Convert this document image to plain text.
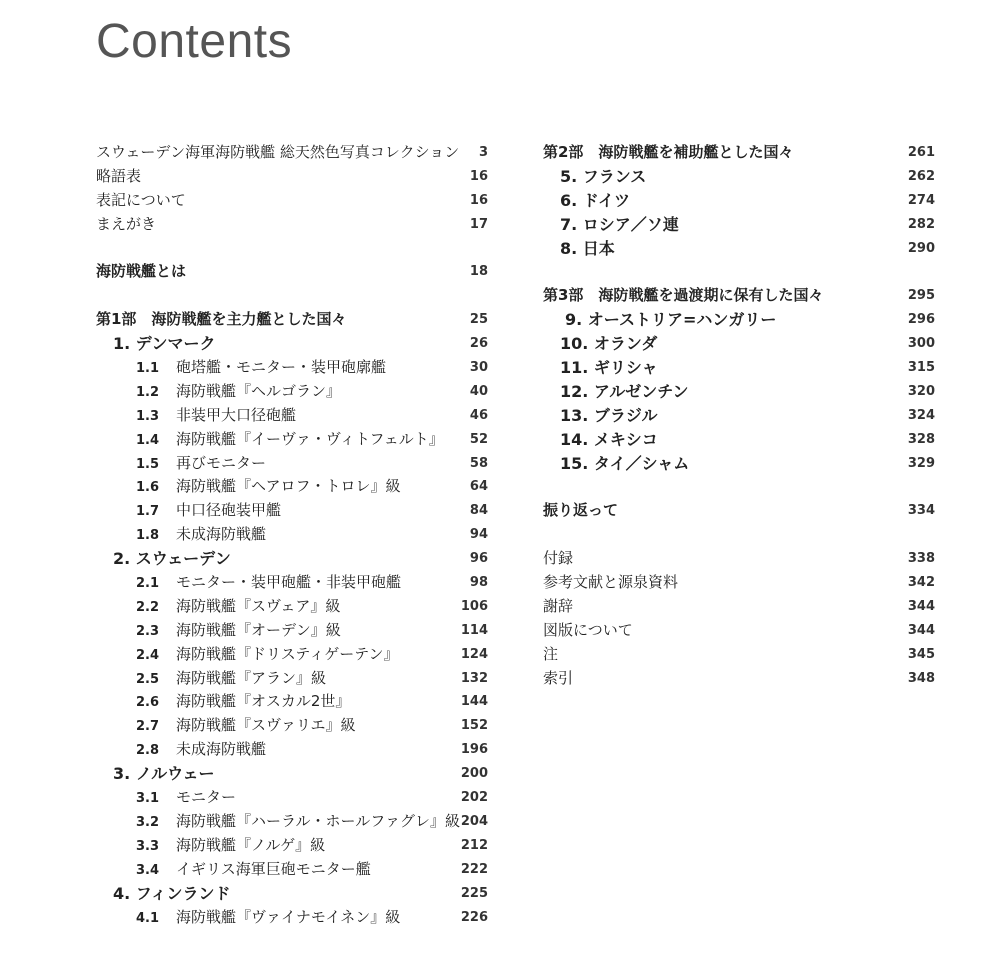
Contents
スウェーデン海軍海防戦艦 総天然色写真コレクション 3
略語表	16
表記について	16
まえがき	17
海防戦艦とは	18
第1部　海防戦艦を主力艦とした国々	25
1. デンマーク	26
1.1 砲塔艦・モニター・装甲砲廓艦	30
1.2 海防戦艦『ヘルゴラン』	40
1.3 非装甲大口径砲艦	46
1.4 海防戦艦『イーヴァ・ヴィトフェルト』 52
1.5 再びモニター	58
1.6 海防戦艦『ヘアロフ・トロレ』級	64
1.7 中口径砲装甲艦	84
1.8 未成海防戦艦	94
2. スウェーデン	96
2.1 モニター・装甲砲艦・非装甲砲艦	98
2.2 海防戦艦『スヴェア』級	106
2.3 海防戦艦『オーデン』級	114
2.4 海防戦艦『ドリスティゲーテン』	124
2.5 海防戦艦『アラン』級	132
2.6 海防戦艦『オスカル2世』	144
2.7 海防戦艦『スヴァリエ』級	152
2.8 未成海防戦艦	196
3. ノルウェー	200
3.1 モニター	202
3.2 海防戦艦『ハーラル・ホールファグレ』級 204
3.3 海防戦艦『ノルゲ』級	212
3.4 イギリス海軍巨砲モニター艦	222
4. フィンランド	225
4.1 海防戦艦『ヴァイナモイネン』級	226
第2部　海防戦艦を補助艦とした国々	261
5. フランス	262
6. ドイツ	274
7. ロシア／ソ連	282
8. 日本	290
第3部　海防戦艦を過渡期に保有した国々	295
9. オーストリア=ハンガリー	296
10. オランダ	300
11. ギリシャ	315
12. アルゼンチン	320
13. ブラジル	324
14. メキシコ	328
15. タイ／シャム	329
振り返って	334
付録	338
参考文献と源泉資料	342
謝辞	344
図版について	344
注	345
索引	348
